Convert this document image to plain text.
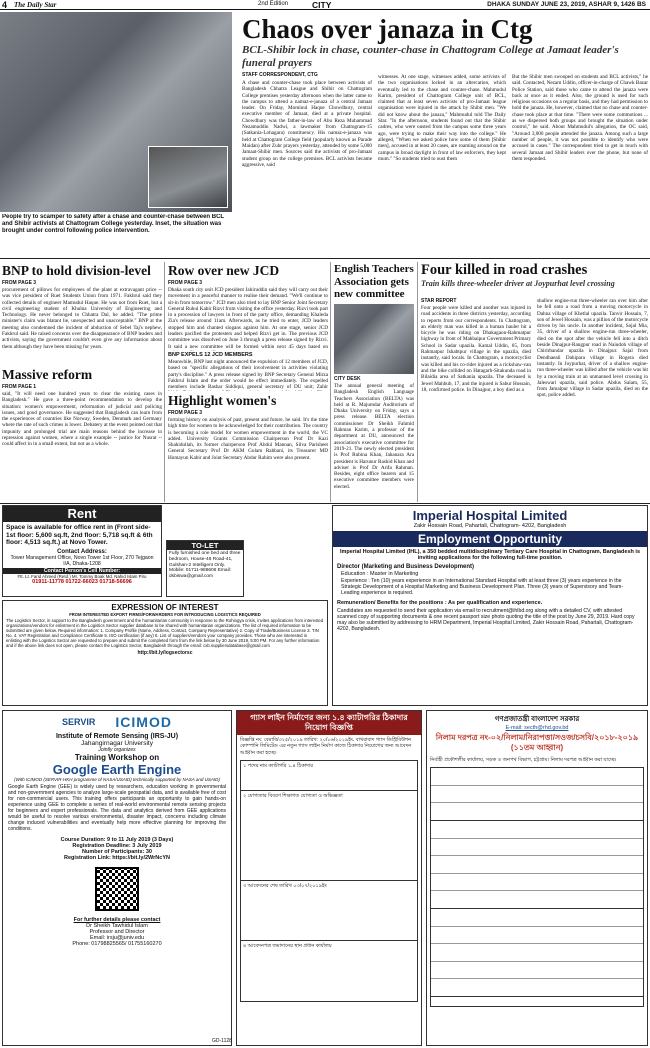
4 The Daily Star	2nd Edition	CITY	DHAKA SUNDAY JUNE 23, 2019, ASHAR 9, 1426 BS
People try to scamper to safety after a chase and counter-chase between BCL and Shibir activists at Chattogram College yesterday. Inset, the situation was brought under control following police intervention.
Chaos over janaza in Ctg
BCL-Shibir lock in chase, counter-chase in Chattogram College at Jamaat leader's funeral prayers
STAFF CORRESPONDENT, CTG
A chase and counter-chase took place between activists of Bangladesh Chhatra League and Shibir on Chattogram College premises yesterday afternoon when the latter came to the campus to attend a namaz-e-janaza of a central Jamaat leader. On Friday, Mominul Haque Chowdhury, central executive member of Jamaat, died at a private hospital. Chowdhury was the father-in-law of Abu Reza Muhammad Nezamuddin Nadwi, a lawmaker from Chattogram-15 (Satkania-Lohagara) constituency. His namaz-e-janaza was held at Chattogram College field (popularly known as Parade Maidan) after Zuhr prayers yesterday, attended by some 5,000 Jamaat-Shibir men. Sources said the activists of pro-Jamaat student group on the college premises. BCL activists became aggressive, said
witnesses. At one stage, witnesses added, some activists of the two organisations locked in an altercation, which eventually led to the chase and counter-chase. Mahmudul Karim, president of Chattogram College unit of BCL, claimed that at least seven activists of pro-Jamaat league organisation were injured in the attack by Shibir men. "We did not know about the janaza," Mahmudul told The Daily Star. "In the afternoon, students found out that the Shibir cadres, who were ousted from the campus some three years ago, were trying to make their way into the college." He alleged, "When we asked police how some of them [Shibir men], accused in at least 20 cases, are roaming around on the campus in broad daylight in front of law enforcers, they kept mum." "So students tried to oust them
But the Shibir men swooped on students and BCL activists," he said. Contacted, Nezam Uddin, officer-in-charge of Chawk Bazar Police Station, said those who came to attend the janaza were back at once as it ended. Also, the ground is used for such religious occasions on a regular basis, and they had permission to hold the janaza. He, however, claimed that no chase and counter-chase took place at that time. "There were some commotions ... as we dispersed both groups and brought the situation under control," he said. About Mahmudul's allegation, the OC said, "Around 3,000 people attended the janaza. Among such a large number of people, it was not possible to identify who were accused in cases." The correspondent tried to get in touch with several Jamaat and Shibir leaders over the phone, but none of them responded.
BNP to hold division-level
FROM PAGE 3
procurement of pillows for employees of the plant at extravagant price -- was vice president of Ruet Students Union from 1971. Fakhrul said they collected details of engineer Mamudul Haque. He was not from Ruet, but a civil engineering student of Khulna University of Engineering and Technology. He never belonged to Chhatra Dal, he added. "The prime minister's claim was blatant lie, unexpected and unacceptable." BNP at the meeting also condemned the incident of abduction of Sebel Taj's nephew, Fakhrul said. He raised concerns over the disappearance of BNP leaders and activists, saying the government couldn't even give any information about them although they have been missing for years.
Massive reform
FROM PAGE 1
said, "It will need one hundred years to clear the existing cases in Bangladesh." He gave a three-point recommendation to develop the situation: women's empowerment, reformation of judicial and policing issues, and good governance. He suggested that Bangladesh can learn from the experiences of countries like Norway, Sweden, Denmark and Germany where the rate of such crimes is lower. Debatery at the event pointed out that impunity and prolonged trial are main reasons behind the increase in repression against women, where a single example -- justice for Nusrat -- could affect in in a small extent, but not as a whole.
Row over new JCD
FROM PAGE 3
Dhaka south city unit JCD president Jahiruddin said they will carry out their movement in a peaceful manner to realise their demand. "We'll continue to sit-in from tomorrow." JCD men also tried to lay BNP Senior Joint Secretary General Ruhul Kabir Rizvi from visiting the office yesterday. Rizvi took part in a procession of lawyers in front of the party office, demanding Khaleda Zia's release around 11am. Afterwards, as he tried to enter, JCD leaders stopped him and chanted slogans against him. At one stage, senior JCD leaders pacified the protesters and helped Rizvi get in. The previous JCD committee was dissolved on June 3 through a press release signed by Rizvi. It said a new committee will be formed within next 45 days based on
BNP EXPELS 12 JCD MEMBERS
Meanwhile, BNP last night announced the expulsion of 12 members of JCD, based on "specific allegations of their involvement in activities violating party's discipline." A press release signed by BNP Secretary General Mirza Fakhrul Islam and the order would be effect immediately. The expelled members include Bashar Siddiqui, general secretary of DU unit; Zahir
Highlight women's
FROM PAGE 3
forming history on analysis of past, present and future, he said. It's the time high time for women to be acknowledged for their contribution. The country is becoming a role model for women empowerment in the world, the VC added. University Grants Commission Chairperson Prof Dr Kazi Shahidullah, its former chairperson Prof Abdul Mannan, Silva Parisheet General Secretary Prof Dr AKM Golam Rabbani, its Treasurer MD Humayun Kabir and Joint Secretary Abdur Rahim were also present.
English Teachers Association gets new committee
CITY DESK
The annual general meeting of Bangladesh English Language Teachers Association (BELTA) was held at R. Majumdar Auditorium of Dhaka University on Friday, says a press release. BELTA election commissioner Dr Sheikh Fahmid Rahman Karim, a professor of the department at DU, announced the association's executive committee for 2019-21. The newly elected president is Prof Rubina Khan, Jahanara Ara president is Harunur Rashid Khan and adviser is Prof Dr Arifa Rahman. Besides, eight office bearers and 15 executive committee members were elected.
Four killed in road crashes
Train kills three-wheeler driver at Joypurhat level crossing
STAR REPORT
Four people were killed and another was injured in road accidents in three districts yesterday, according to reports from our correspondents. In Chattogram, an elderly man was killed in a human hauler hit a bicycle he was riding on Dhakagaon-Rahmatpur highway in front of Mahbaipur Government Primary School in Sadar upazila. Kamal Uddin, 65, from Rahmatpur Ishabtpur village in the upazila, died instantly, said locals. In Chattogram, a motorcyclist was killed and his co-rider injured as a rickshaw-van and the bike collided on Hatagarh-Sitakunda road in Bilaidia area of Satkania upazila. The deceased is Jewel Mahbub, 17, and the injured is Sabur Hossain, 18, confirmed police. In Dinajpur, a boy died as a
shallow engine-run three-wheeler ran over him after he fell onto a road from a moving motorcycle in Dahna village of Khetlal upazila. Tanvir Hossain, 7, son of Jewel Hossain, was a pillion of the motorcycle driven by his uncle. In another incident, Sojal Mia, 35, driver of a shallow engine-run three-wheeler, died on the spot after the vehicle fell into a ditch beside Dinajpur-Rangpur road in Naiudoh village of Chirirbandar upazila in Dinajpur. Sajal from Dendhaeali Dahipara village in Rogera died instantly. In Joypurhat, driver of a shallow engine-run three-wheeler was killed after the vehicle was hit by a moving train at an unmanned level crossing in Jaleswari upazila, said police. Abdus Salam, 55, from Jamalpur village in Sadar upazila, died on the spot, police added.
Rent
Space is available for office rent in (Front side- 1st floor: 5,600 sq.ft, 2nd floor: 5,718 sq.ft & 6th floor: 4,513 sq.ft.) at Novo Tower.
Contact Address:
Tower Management Office, Novo Tower 1st Floor, 270 Tejgaon I/A, Dhaka-1208
Contact Person's Cell Number:
Ftt. Lt. Farid Ahmed (Retd.) Mr. Tommy Boak Md. Nahid Islam Piru
01911-11778 01722-66023 01718-56696
TO-LET
Fully furnished one bed and three bedroom, House-46 Road-41, Gulshan-2 Intelligent Only. Mobile: 01711-988606 Email: dsbiswa@gmail.com
EXPRESSION OF INTEREST
FROM INTERESTED EXPORT FIRMS/FORWARDERS FOR INTRODUCING LOGISTICS REQUIRED
The Logistics Sector, in support to the Bangladesh government and the humanitarian community in response to the Rohingya crisis, invites applications from interested organizations/vendors for enlistment in the Logistics Sector supplier database to be shared with humanitarian organizations. The list of required information to be submitted are given below. Required information: 1. Company Profile (Name, Address, Contact, Company Representative) 2. Copy of Trade/Business License 3. TIN No. 4. VAT Registration and Compliance Certificate 5. ISO certification (if any) 6. List of suppliers/vendors your company provides. Those who are interested in enlisting with the Logistics Sector are requested to prepare and submit the completed form from the link below by 30 June 2019, 5:00 PM. For any further information and if the above link does not open, please contact the Logistics Sector, Bangladesh through the email: cxb.suppliersdatabase@gmail.com
http://bit.ly/logsectorsc
SERVIR ICIMOD
Institute of Remote Sensing (IRS-JU)
Jahangirnagar University
Jointly organizes
Training Workshop on
Google Earth Engine
(With ICIMOD (SERVIR-HKH programme of NASA/USAID) technically supported by NASA and USAID)
Google Earth Engine (GEE) is widely used by researchers, education working in governmental and non-government agencies to analyze large-scale geospatial data, and is available free of cost for non-commercial users. This training offers participants an opportunity to gain hands-on experience using GEE to complete a series of real-world environmental remote sensing projects for beginners and expert professionals. The data and analytics derived from GEE applications would be useful to resolve various environmental, disaster impact, concerns including climate change induced vulnerabilities and eventually help more effective planning for improving the conditions.
Course Duration: 9 to 11 July 2019 (3 Days)
Registration Deadline: 3 July 2019
Number of Participants: 30
Registration Link: https://bit.ly/2WrNcYN
For further details please contact
Dr Sheikh Tawhidul Islam
Professor and Director
Email: irsju@juniv.edu
Phone: 01798825565/ 01755160270
GD-1128
গ্যাস লাইন নির্মাণের জন্য ১.৪ ক্যাটাগরির ঠিকাদার নিয়োগ বিজ্ঞপ্তি
বিজ্ঞপ্তি নং: বেমাবি/৩২৫/২০১৯ তারিখ: ২০/০৬/২০১৯ইং. বাখরাবাদ গ্যাস ডিস্ট্রিবিউশন কোম্পানি লিমিটেড এর নতুন গ্যাস লাইন নির্মাণ কাজে ঠিকাদার নিয়োগের জন্য আবেদন আহ্বান করা হচ্ছে।
১ পদের নাম ক্যাটাগরি ১.৪ ঠিকাদার
২ যোগ্যতার বিবরণ শিক্ষাগত যোগ্যতা ও অভিজ্ঞতা
৩ আবেদনের শেষ তারিখ ০৩/০৭/২০১৯ইং
৪ আবেদনপত্র জমাদানের স্থান প্রধান কার্যালয়
গণপ্রজাতন্ত্রী বাংলাদেশ সরকার
E-mail: secth@rhd.gov.bd
নিলাম দরপত্র নং-০২/নিলাম/নিরাপত্তা/সওজ/চসবি/২০১৮-২০১৯ (১১তম আহ্বান)
নির্বাহী প্রকৌশলীর কার্যালয়, সড়ক ও জনপথ বিভাগ, চট্টগ্রাম। নিলাম দরপত্র আহ্বান করা যাচ্ছে।
Imperial Hospital Limited
Zakir Hossain Road, Pahartali, Chattogram- 4202, Bangladesh
Employment Opportunity
Imperial Hospital Limited (IHL), a 350 bedded multidisciplinary Tertiary Care Hospital in Chattogram, Bangladesh is inviting applications for the following full-time position.
Director (Marketing and Business Development)
Education : Master in Marketing
Experience : Ten (10) years experience in an International Standard Hospital with at least three (3) years experience in the Strategic Development of a Hospital Marketing and Business Development Plan. Three (3) years of Supervisory and Team-Leading experience is required.
Remuneration/ Benefits for the positions : As per qualification and experience.
Candidates are requested to send their application via email to recruitment@ihlbd.org along with a detailed CV, with attested scanned copy of supporting documents & one recent passport size photo quoting the title of the post by June 29, 2019. Hard copy may also be submitted by addressing to HRM Department, Imperial Hospital Limited, Zakir Hossain Road, Pahartali, Chattogram- 4202, Bangladesh.
